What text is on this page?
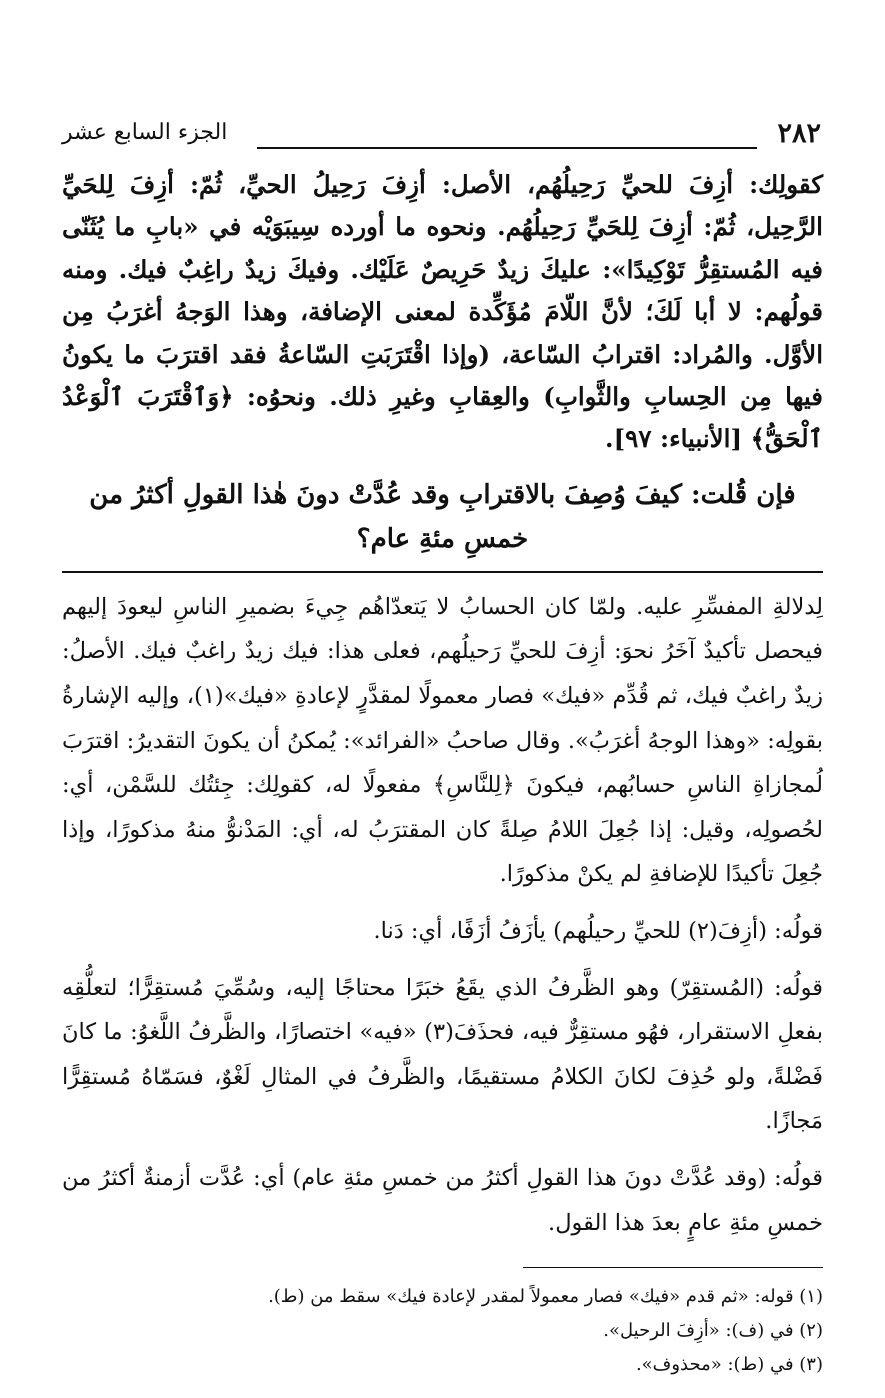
٢٨٢
الجزء السابع عشر

كقولِك: أزِفَ للحيِّ رَحِيلُهُم، الأصل: أزِفَ رَحِيلُ الحيِّ، ثُمّ: أزِفَ لِلحَيِّ الرَّحِيل، ثُمّ: أزِفَ لِلحَيِّ رَحِيلُهُم. ونحوه ما أورده سِيبَوَيْه في «بابِ ما يُثَنّى فيه المُستقِرُّ تَوْكِيدًا»: عليكَ زيدٌ حَرِيصٌ عَلَيْك. وفيكَ زيدٌ راغِبٌ فيك. ومنه قولُهم: لا أبا لَكَ؛ لأنَّ اللّامَ مُؤَكِّدة لمعنى الإضافة، وهذا الوَجهُ أغرَبُ مِن الأوَّل. والمُراد: اقترابُ السّاعة، (وإذا اقْتَرَبَتِ السّاعةُ فقد اقترَبَ ما يكونُ فيها مِن الحِسابِ والثَّوابِ) والعِقابِ وغيرِ ذلك. ونحوُه: ﴿وَٱقْتَرَبَ ٱلْوَعْدُ ٱلْحَقُّ﴾ [الأنبياء: ٩٧].

فإن قُلت: كيفَ وُصِفَ بالاقترابِ وقد عُدَّتْ دونَ هٰذا القولِ أكثرُ من خمسِ مئةِ عام؟

لِدلالةِ المفسِّرِ عليه. ولمّا كان الحسابُ لا يَتعدّاهُم جِيءَ بضميرِ الناسِ ليعودَ إليهم فيحصل تأكيدٌ آخَرُ نحوَ: أزِفَ للحيِّ رَحيلُهم، فعلى هذا: فيك زيدٌ راغبٌ فيك. الأصلُ: زيدٌ راغبٌ فيك، ثم قُدِّم «فيك» فصار معمولًا لمقدَّرٍ لإعادةِ «فيك»(١)، وإليه الإشارةُ بقولِه: «وهذا الوجهُ أغرَبُ». وقال صاحبُ «الفرائد»: يُمكنُ أن يكونَ التقديرُ: اقترَبَ لُمجازاةِ الناسِ حسابُهم، فيكونَ ﴿لِلنَّاسِ﴾ مفعولًا له، كقولِك: جِئتُك للسَّمْن، أي: لحُصولِه، وقيل: إذا جُعِلَ اللامُ صِلةً كان المقترَبُ له، أي: المَدْنوُّ منهُ مذكورًا، وإذا جُعِلَ تأكيدًا للإضافةِ لم يكنْ مذكورًا.

قولُه: (أزِفَ(٢) للحيِّ رحيلُهم) يأزَفُ أزَفًا، أي: دَنا.

قولُه: (المُستقِرّ) وهو الظَّرفُ الذي يقَعُ خبَرًا محتاجًا إليه، وسُمِّيَ مُستقِرًّا؛ لتعلُّقِه بفعلِ الاستقرار، فهُو مستقِرٌّ فيه، فحذَفَ(٣) «فيه» اختصارًا، والظَّرفُ اللَّغوُ: ما كانَ فَضْلةً، ولو حُذِفَ لكانَ الكلامُ مستقيمًا، والظَّرفُ في المثالِ لَغْوٌ، فسَمّاهُ مُستقِرًّا مَجازًا.

قولُه: (وقد عُدَّتْ دونَ هذا القولِ أكثرُ من خمسِ مئةِ عام) أي: عُدَّت أزمنةٌ أكثرُ من خمسِ مئةِ عامٍ بعدَ هذا القول.

(١) قوله: «ثم قدم «فيك» فصار معمولاً لمقدر لإعادة فيك» سقط من (ط).

(٢) في (ف): «أزِفَ الرحيل».

(٣) في (ط): «محذوف».
